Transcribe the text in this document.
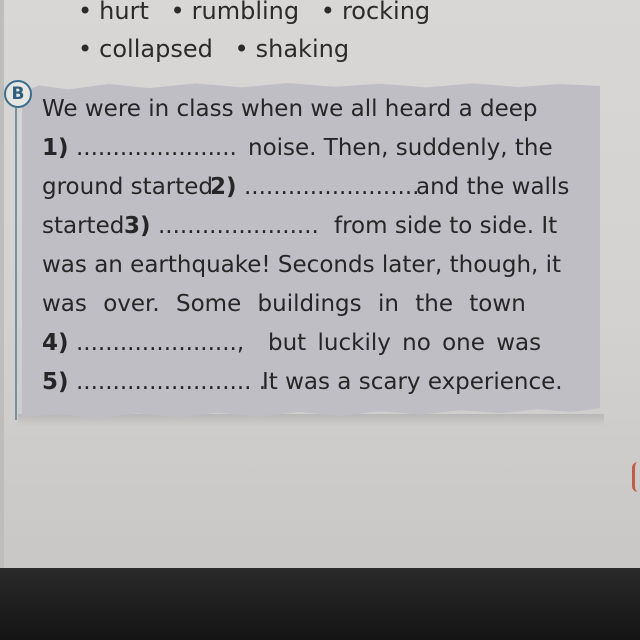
• hurt • rumbling • rocking
• collapsed • shaking
B
We were in class when we all heard a deep
1) ...................... noise. Then, suddenly, the
ground started
2) ........................
and the walls
started 3) ...................... from side to side. It
was an earthquake! Seconds later, though, it
was over. Some buildings in the town
4) ......................, but luckily no one was
5) ........................ .
It was a scary experience.
